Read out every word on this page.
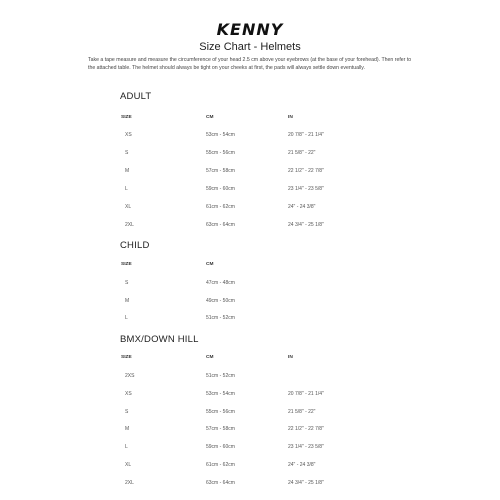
KENNY
Size Chart - Helmets
Take a tape measure and measure the circumference of your head 2.5 cm above your eyebrows (at the base of your forehead). Then refer to the attached table. The helmet should always be tight on your cheeks at first, the pads will always settle down eventually.
ADULT
SIZE	CM	IN
XS	53cm - 54cm	20 7/8" - 21 1/4"
S	55cm - 56cm	21 5/8" - 22"
M	57cm - 58cm	22 1/2" - 22 7/8"
L	59cm - 60cm	23 1/4" - 23 5/8"
XL	61cm - 62cm	24" - 24 3/8"
2XL	63cm - 64cm	24 3/4" - 25 1/8"
CHILD
SIZE	CM
S	47cm - 48cm
M	49cm - 50cm
L	51cm - 52cm
BMX/DOWN HILL
SIZE	CM	IN
2XS	51cm - 52cm
XS	53cm - 54cm	20 7/8" - 21 1/4"
S	55cm - 56cm	21 5/8" - 22"
M	57cm - 58cm	22 1/2" - 22 7/8"
L	59cm - 60cm	23 1/4" - 23 5/8"
XL	61cm - 62cm	24" - 24 3/8"
2XL	63cm - 64cm	24 3/4" - 25 1/8"
